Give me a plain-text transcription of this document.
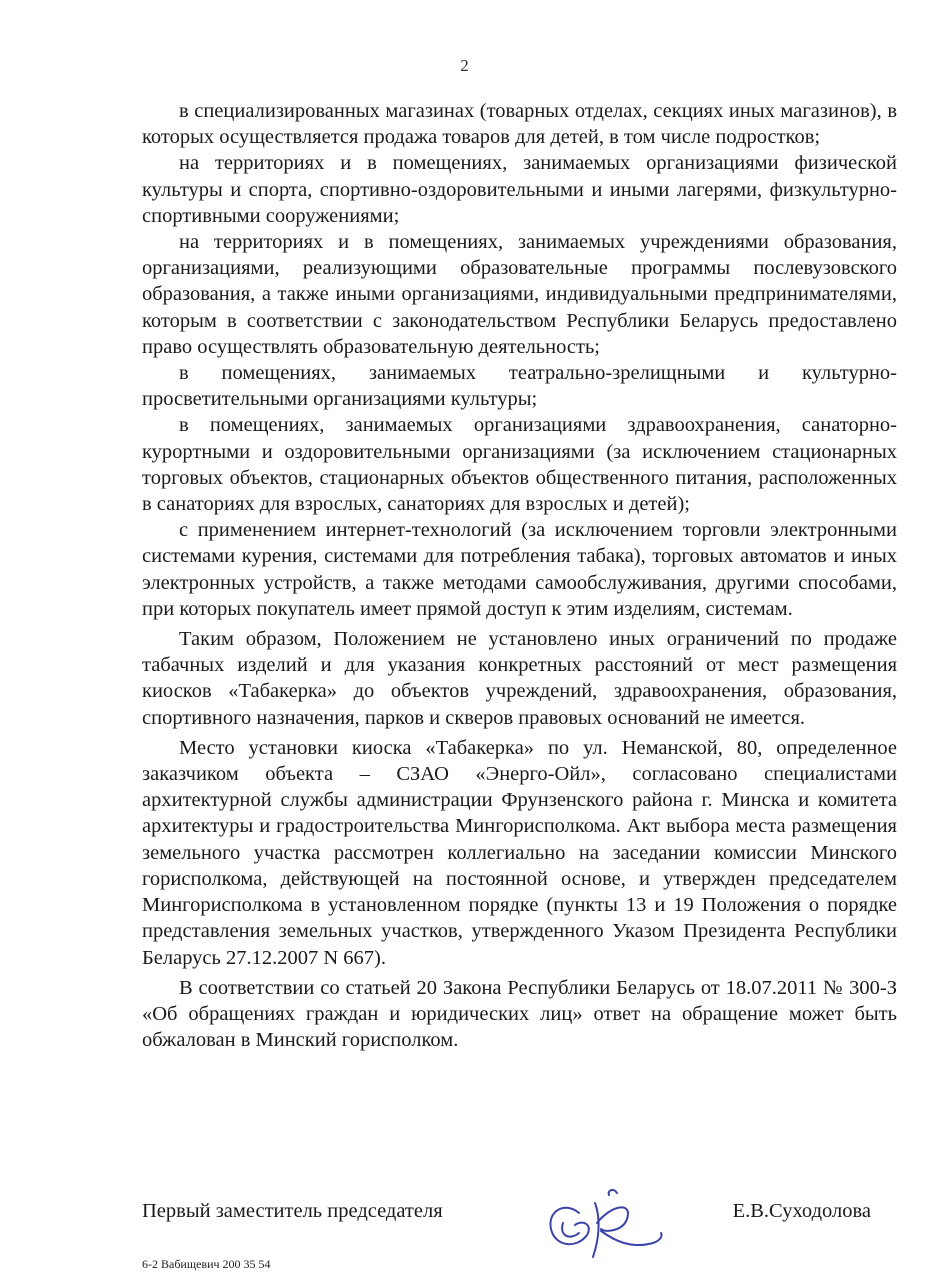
2

в специализированных магазинах (товарных отделах, секциях иных магазинов), в которых осуществляется продажа товаров для детей, в том числе подростков;

на территориях и в помещениях, занимаемых организациями физической культуры и спорта, спортивно-оздоровительными и иными лагерями, физкультурно-спортивными сооружениями;

на территориях и в помещениях, занимаемых учреждениями образования, организациями, реализующими образовательные программы послевузовского образования, а также иными организациями, индивидуальными предпринимателями, которым в соответствии с законодательством Республики Беларусь предоставлено право осуществлять образовательную деятельность;

в помещениях, занимаемых театрально-зрелищными и культурно-просветительными организациями культуры;

в помещениях, занимаемых организациями здравоохранения, санаторно-курортными и оздоровительными организациями (за исключением стационарных торговых объектов, стационарных объектов общественного питания, расположенных в санаториях для взрослых, санаториях для взрослых и детей);

с применением интернет-технологий (за исключением торговли электронными системами курения, системами для потребления табака), торговых автоматов и иных электронных устройств, а также методами самообслуживания, другими способами, при которых покупатель имеет прямой доступ к этим изделиям, системам.

Таким образом, Положением не установлено иных ограничений по продаже табачных изделий и для указания конкретных расстояний от мест размещения киосков «Табакерка» до объектов учреждений, здравоохранения, образования, спортивного назначения, парков и скверов правовых оснований не имеется.

Место установки киоска «Табакерка» по ул. Неманской, 80, определенное заказчиком объекта – СЗАО «Энерго-Ойл», согласовано специалистами архитектурной службы администрации Фрунзенского района г. Минска и комитета архитектуры и градостроительства Мингорисполкома. Акт выбора места размещения земельного участка рассмотрен коллегиально на заседании комиссии Минского горисполкома, действующей на постоянной основе, и утвержден председателем Мингорисполкома в установленном порядке (пункты 13 и 19 Положения о порядке представления земельных участков, утвержденного Указом Президента Республики Беларусь 27.12.2007 N 667).

В соответствии со статьей 20 Закона Республики Беларусь от 18.07.2011 № 300-З «Об обращениях граждан и юридических лиц» ответ на обращение может быть обжалован в Минский горисполком.

Первый заместитель председателя	Е.В.Суходолова
6-2 Вабищевич 200 35 54
